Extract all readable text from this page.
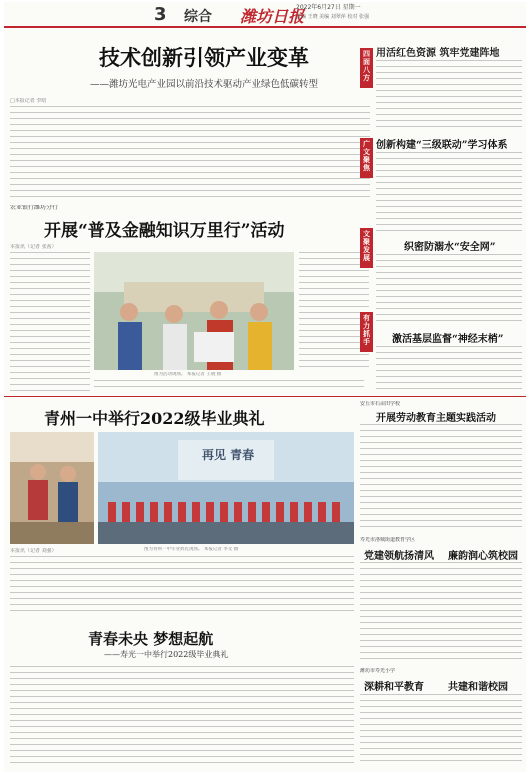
3 综合 潍坊日报
2022年6月27日 星期一
责编 王晓 美编 刘翠萍 校对 张强
技术创新引领产业变革
——潍坊光电产业园以前沿技术驱动产业绿色低碳转型
□本报记者 李晗
农业银行潍坊分行
开展“普及金融知识万里行”活动
本报讯（记者 张茜）
图为活动现场。 本报记者 王晓 摄
四面八方
广文聚焦
文聚发展
有力抓手
用活红色资源 筑牢党建阵地
创新构建“三级联动”学习体系
织密防溺水“安全网”
激活基层监督“神经末梢”
青州一中举行2022级毕业典礼
再见 青春
图为青州一中毕业典礼现场。 本报记者 李文 摄
本报讯（记者 刘强）
青春未央 梦想起航
——寿光一中举行2022级毕业典礼
安丘市石亩田学校
开展劳动教育主题实践活动
寿光市洛城街道教育学区
党建领航扬清风 廉韵润心筑校园
潍坊市寿光小学
深耕和平教育 共建和谐校园
